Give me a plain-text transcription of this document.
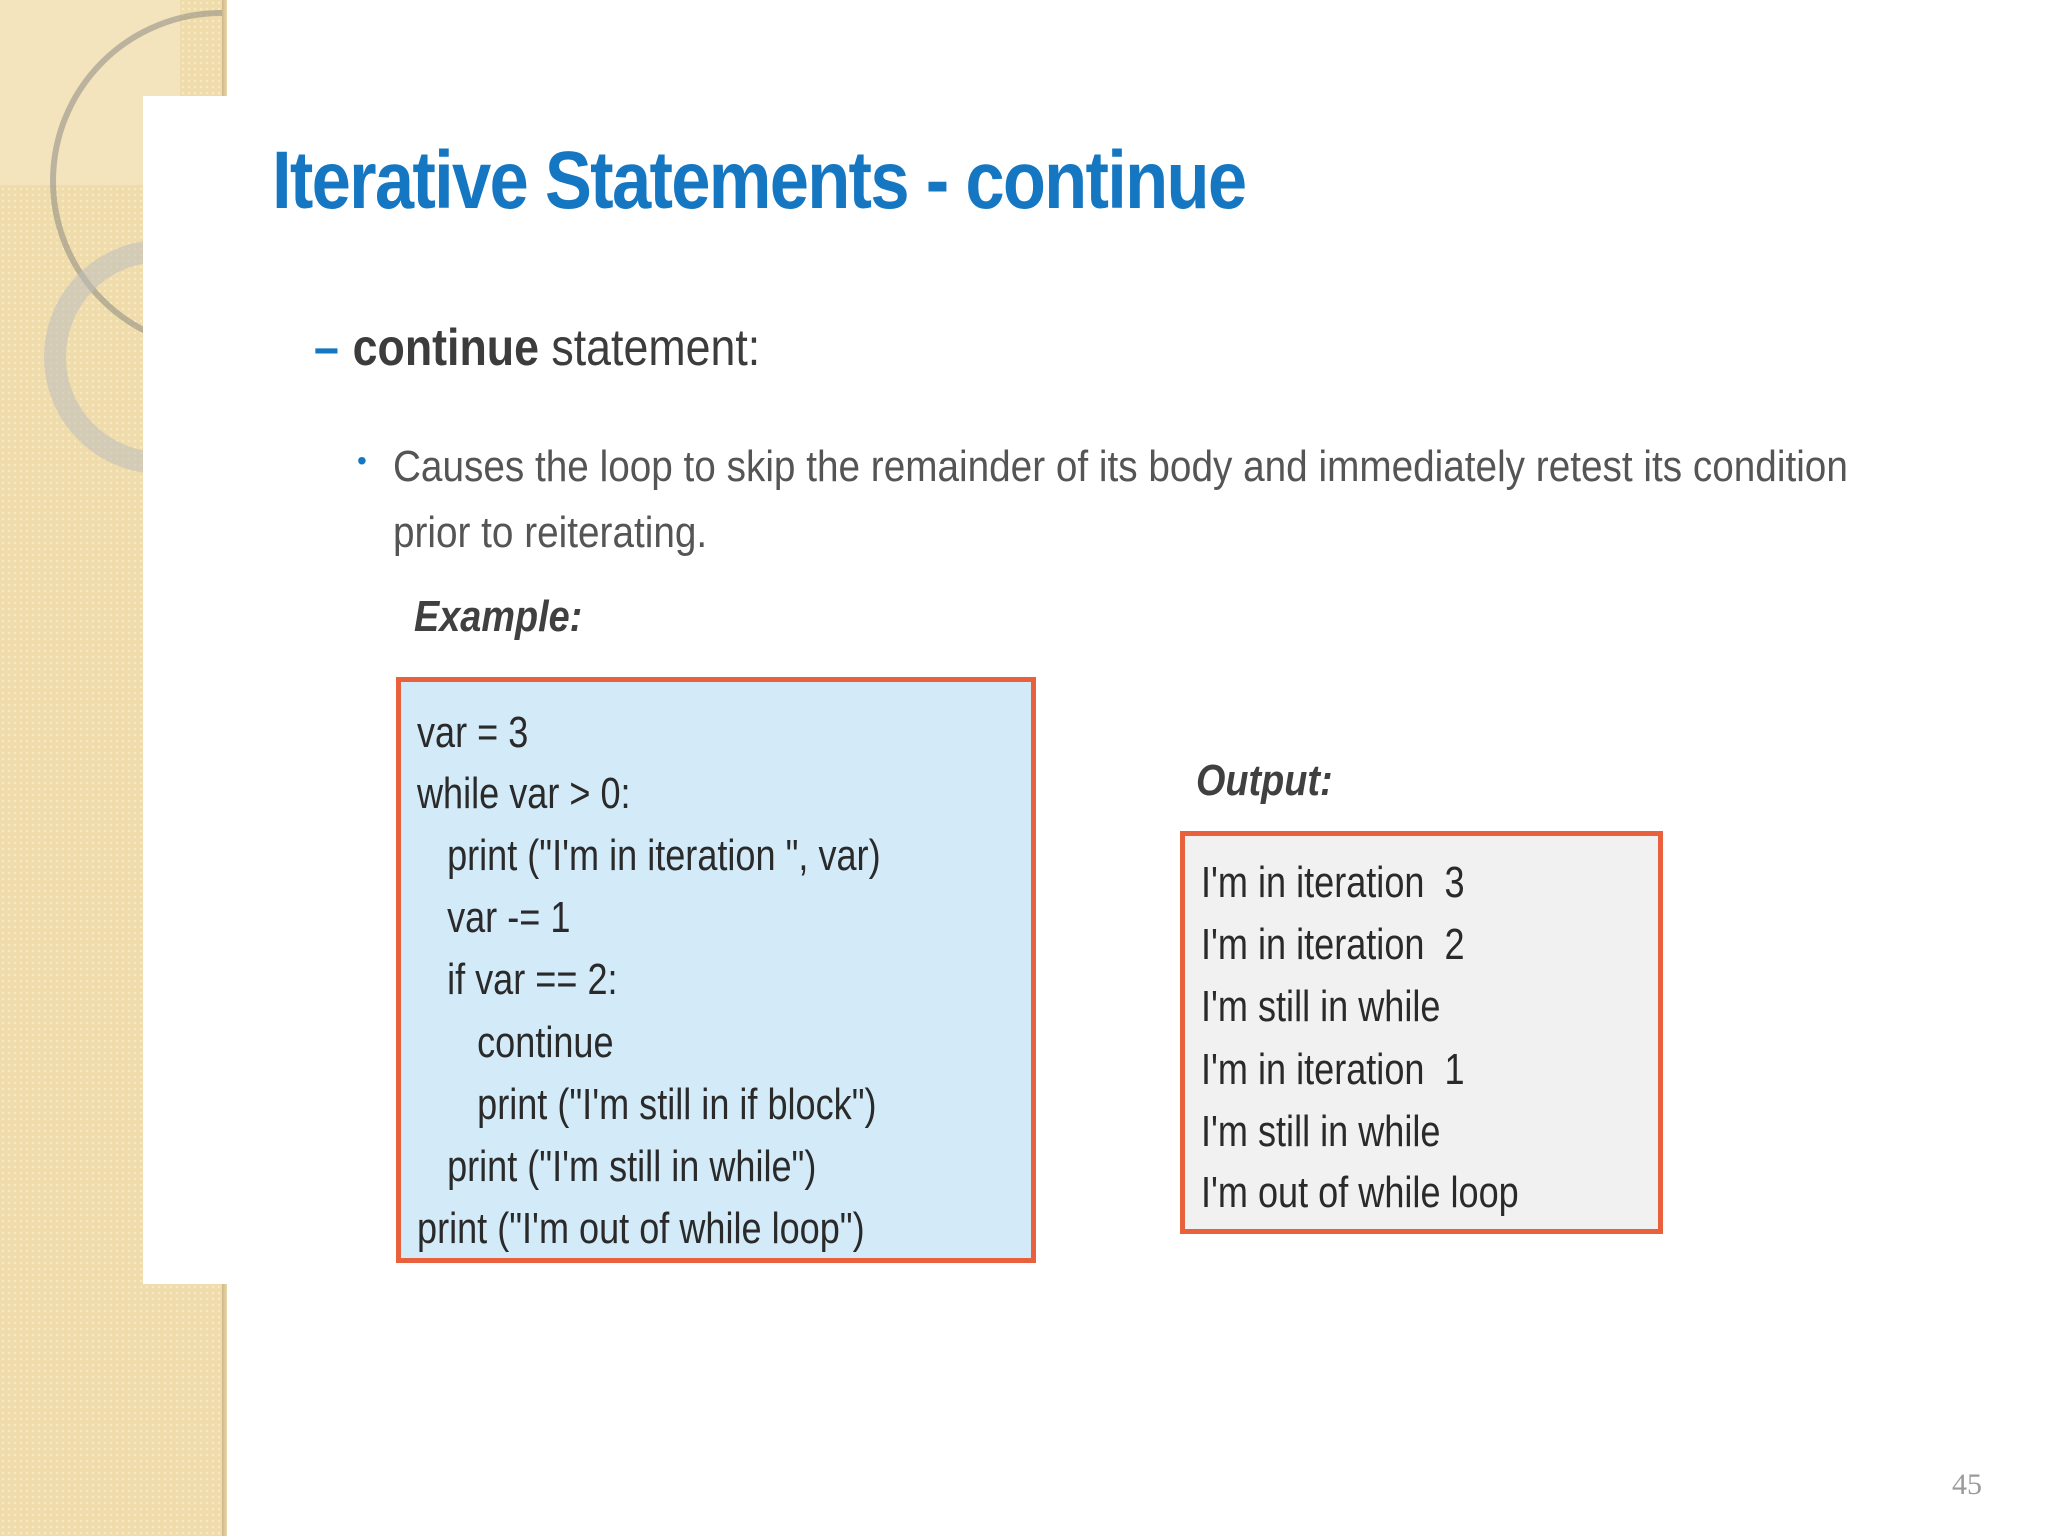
Iterative Statements - continue
– continue statement:
• Causes the loop to skip the remainder of its body and immediately retest its condition prior to reiterating.
Example:
Output:
var = 3
while var > 0:
print ("I'm in iteration ", var)
var -= 1
if var == 2:
continue
print ("I'm still in if block")
print ("I'm still in while")
print ("I'm out of while loop")
I'm in iteration  3
I'm in iteration  2
I'm still in while
I'm in iteration  1
I'm still in while
I'm out of while loop
45
